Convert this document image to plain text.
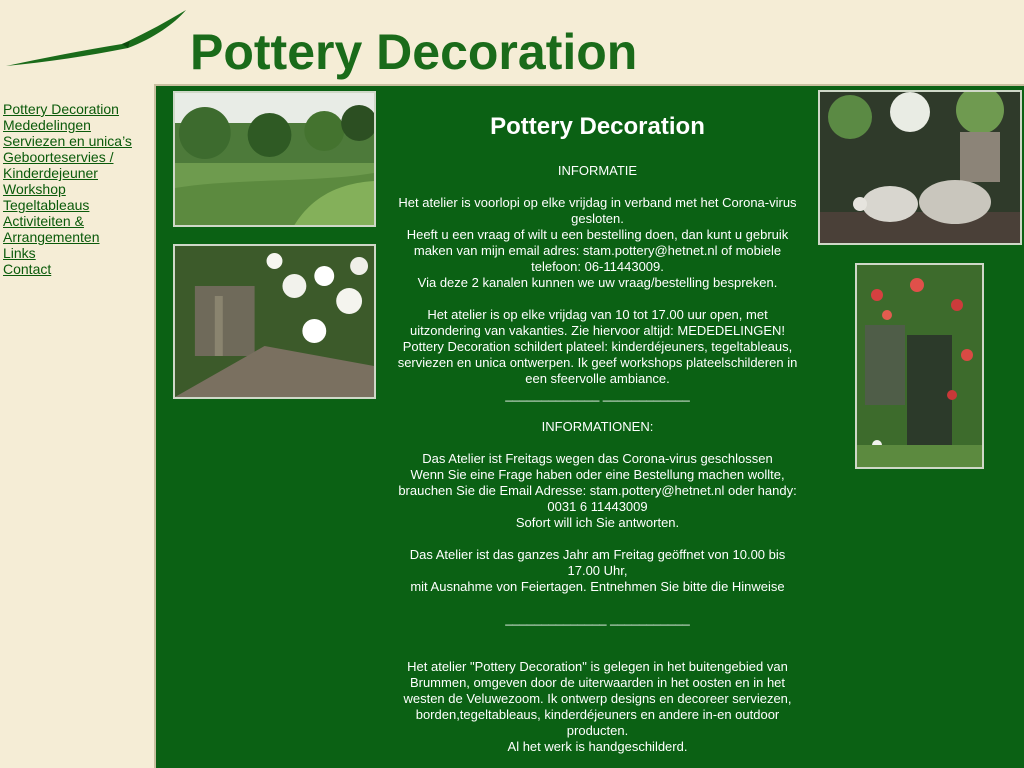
Pottery Decoration
Pottery Decoration
Mededelingen
Serviezen en unica’s
Geboorteservies /
Kinderdejeuner
Workshop
Tegeltableaus
Activiteiten &
Arrangementen
Links
Contact
Pottery Decoration

INFORMATIE

Het atelier is voorlopi op elke vrijdag in verband met het Corona-virus

gesloten.

Heeft u een vraag of wilt u een bestelling doen, dan kunt u gebruik

maken van mijn email adres: stam.pottery@hetnet.nl of mobiele

telefoon: 06-11443009.

Via deze 2 kanalen kunnen we uw vraag/bestelling bespreken.

Het atelier is op elke vrijdag van 10 tot 17.00 uur open, met

uitzondering van vakanties. Zie hiervoor altijd: MEDEDELINGEN!

Pottery Decoration schildert plateel: kinderdéjeuners, tegeltableaus,

serviezen en unica ontwerpen. Ik geef workshops plateelschilderen in

een sfeervolle ambiance.

_____________ ____________

INFORMATIONEN:

Das Atelier ist Freitags wegen das Corona-virus geschlossen

Wenn Sie eine Frage haben oder eine Bestellung machen wollte,

brauchen Sie die Email Adresse: stam.pottery@hetnet.nl oder handy:

0031 6 11443009

Sofort will ich Sie antworten.

Das Atelier ist das ganzes Jahr am Freitag geöffnet von 10.00 bis

17.00 Uhr,

mit Ausnahme von Feiertagen. Entnehmen Sie bitte die Hinweise

______________ ___________

Het atelier "Pottery Decoration" is gelegen in het buitengebied van

Brummen, omgeven door de uiterwaarden in het oosten en in het

westen de Veluwezoom. Ik ontwerp designs en decoreer serviezen,

borden,tegeltableaus, kinderdéjeuners en andere in-en outdoor

producten.

Al het werk is handgeschilderd.
